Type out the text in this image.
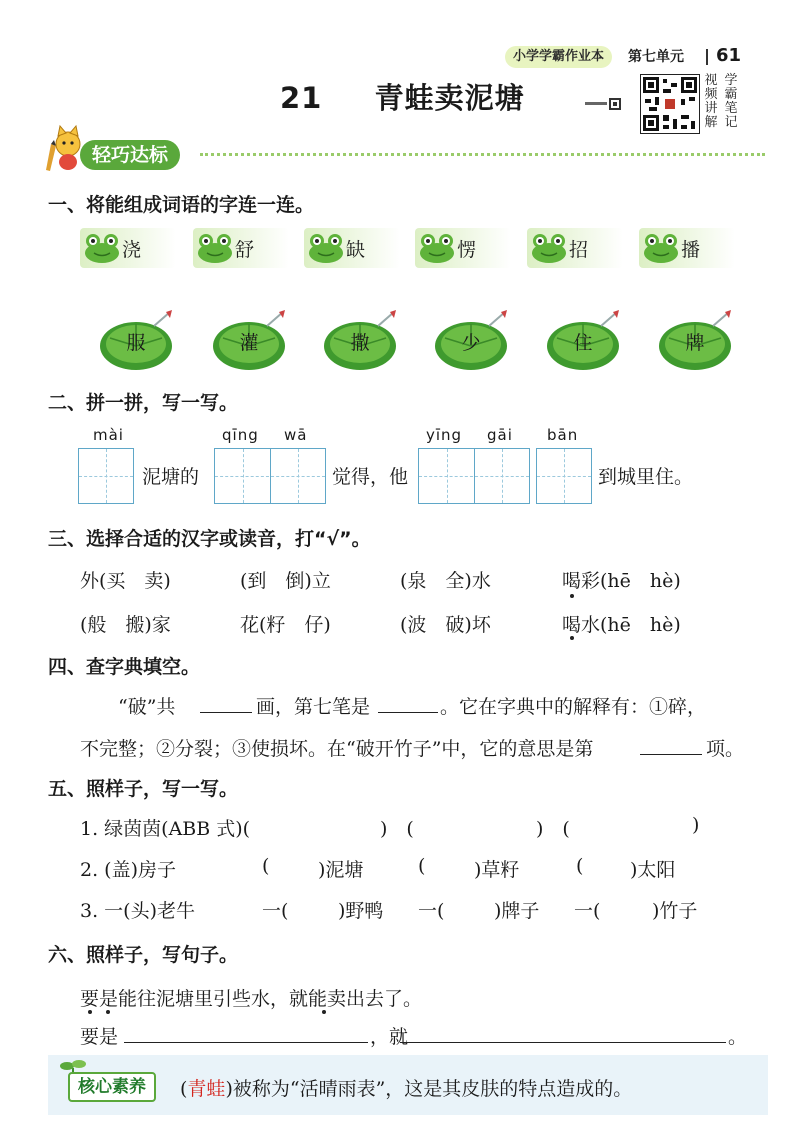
小学学霸作业本	第七单元 61
21 青蛙卖泥塘
视
频
讲
解
学
霸
笔
记
轻巧达标
一、将能组成词语的字连一连。
浇	舒	缺	愣	招	播
服	灌	撒	少	住	牌
二、拼一拼，写一写。
mài	qīng wā	yīng gāi bān
泥塘的	觉得，他	到城里住。
三、选择合适的汉字或读音，打“√”。
外(买　卖)	(到　倒)立	(泉　全)水	喝彩(hē　hè)
(般　搬)家	花(籽　仔)	(波　破)坏	喝水(hē　hè)
四、查字典填空。
“破”共	画，第七笔是	。它在字典中的解释有：①碎，
不完整；②分裂；③使损坏。在“破开竹子”中，它的意思是第	项。
五、照样子，写一写。
1. 绿茵茵(ABB 式)(	)　(	)　(	)
2. (盖)房子	(	)泥塘	(	)草籽	( )太阳
3. 一(头)老牛	一(	)野鸭 一(	)牌子 一(	)竹子
六、照样子，写句子。
要是能往泥塘里引些水，就能卖出去了。
要是	，就	。
核心素养	(青蛙)被称为“活晴雨表”，这是其皮肤的特点造成的。
